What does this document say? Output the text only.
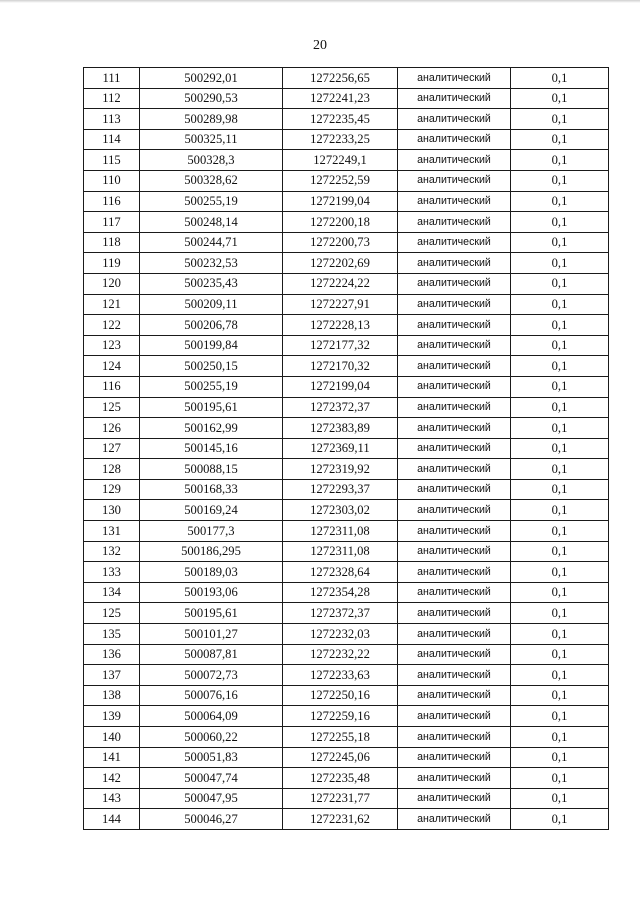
20
111	500292,01	1272256,65	аналитический	0,1
112	500290,53	1272241,23	аналитический	0,1
113	500289,98	1272235,45	аналитический	0,1
114	500325,11	1272233,25	аналитический	0,1
115	500328,3	1272249,1	аналитический	0,1
110	500328,62	1272252,59	аналитический	0,1
116	500255,19	1272199,04	аналитический	0,1
117	500248,14	1272200,18	аналитический	0,1
118	500244,71	1272200,73	аналитический	0,1
119	500232,53	1272202,69	аналитический	0,1
120	500235,43	1272224,22	аналитический	0,1
121	500209,11	1272227,91	аналитический	0,1
122	500206,78	1272228,13	аналитический	0,1
123	500199,84	1272177,32	аналитический	0,1
124	500250,15	1272170,32	аналитический	0,1
116	500255,19	1272199,04	аналитический	0,1
125	500195,61	1272372,37	аналитический	0,1
126	500162,99	1272383,89	аналитический	0,1
127	500145,16	1272369,11	аналитический	0,1
128	500088,15	1272319,92	аналитический	0,1
129	500168,33	1272293,37	аналитический	0,1
130	500169,24	1272303,02	аналитический	0,1
131	500177,3	1272311,08	аналитический	0,1
132	500186,295	1272311,08	аналитический	0,1
133	500189,03	1272328,64	аналитический	0,1
134	500193,06	1272354,28	аналитический	0,1
125	500195,61	1272372,37	аналитический	0,1
135	500101,27	1272232,03	аналитический	0,1
136	500087,81	1272232,22	аналитический	0,1
137	500072,73	1272233,63	аналитический	0,1
138	500076,16	1272250,16	аналитический	0,1
139	500064,09	1272259,16	аналитический	0,1
140	500060,22	1272255,18	аналитический	0,1
141	500051,83	1272245,06	аналитический	0,1
142	500047,74	1272235,48	аналитический	0,1
143	500047,95	1272231,77	аналитический	0,1
144	500046,27	1272231,62	аналитический	0,1
